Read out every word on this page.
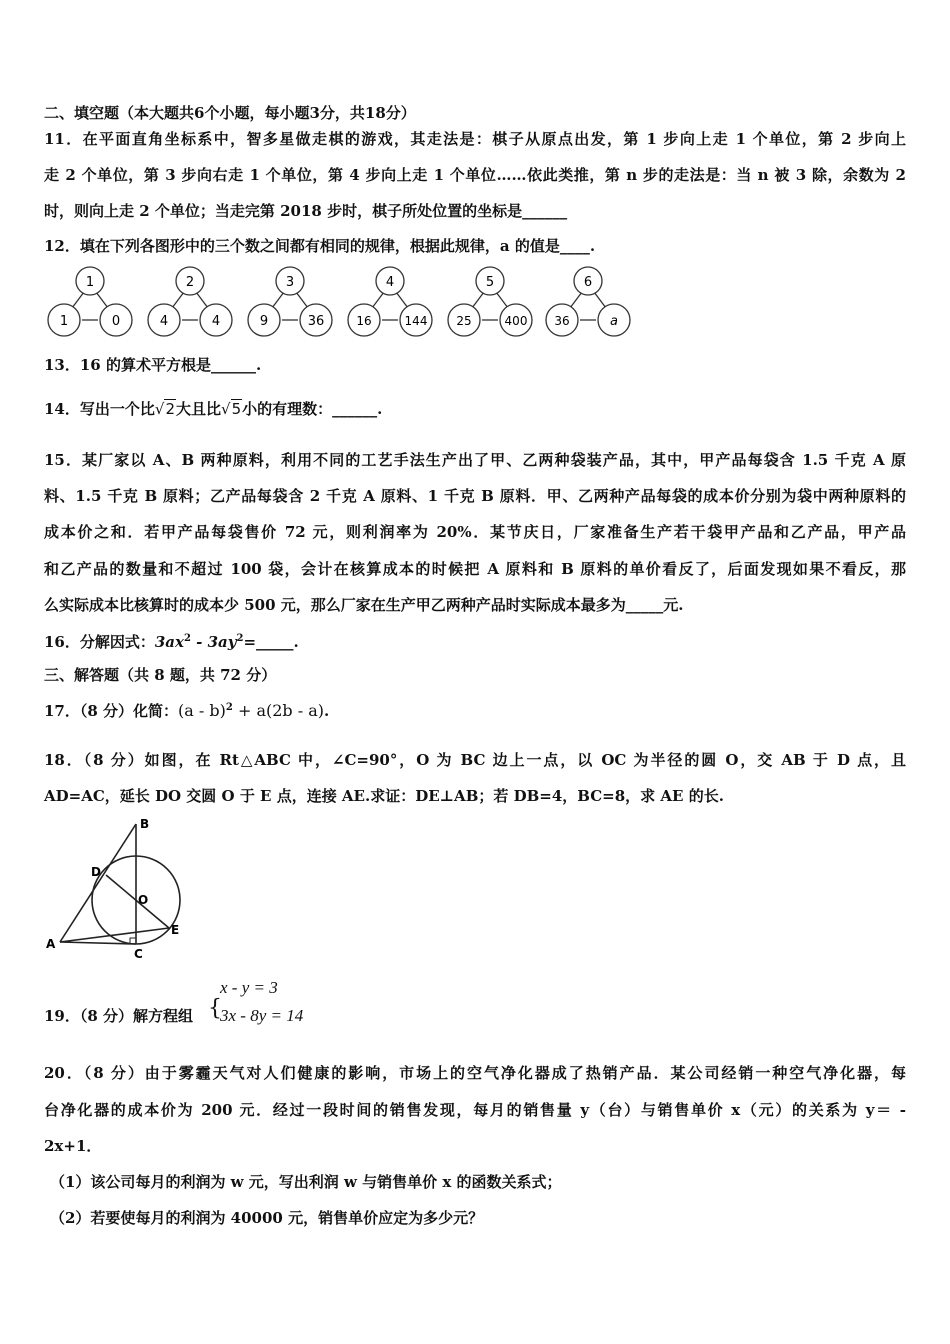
二、填空题（本大题共6个小题，每小题3分，共18分）
11．在平面直角坐标系中，智多星做走棋的游戏，其走法是：棋子从原点出发，第 1 步向上走 1 个单位，第 2 步向上
走 2 个单位，第 3 步向右走 1 个单位，第 4 步向上走 1 个单位……依此类推，第 n 步的走法是：当 n 被 3 除，余数为 2
时，则向上走 2 个单位；当走完第 2018 步时，棋子所处位置的坐标是______
12．填在下列各图形中的三个数之间都有相同的规律，根据此规律，a 的值是____.
1
1	0
2
4	4
3
9	36
4
16	144
5
25	400
6
36	a
13．16 的算术平方根是______.
14．写出一个比√2大且比√5小的有理数：______.
15．某厂家以 A、B 两种原料，利用不同的工艺手法生产出了甲、乙两种袋装产品，其中，甲产品每袋含 1.5 千克 A 原
料、1.5 千克 B 原料；乙产品每袋含 2 千克 A 原料、1 千克 B 原料．甲、乙两种产品每袋的成本价分别为袋中两种原料的
成本价之和．若甲产品每袋售价 72 元，则利润率为 20%．某节庆日，厂家准备生产若干袋甲产品和乙产品，甲产品
和乙产品的数量和不超过 100 袋，会计在核算成本的时候把 A 原料和 B 原料的单价看反了，后面发现如果不看反，那
么实际成本比核算时的成本少 500 元，那么厂家在生产甲乙两种产品时实际成本最多为_____元.
16．分解因式：$3ax^2$ - $3ay^2=\_\_\_\_\_$.
三、解答题（共 8 题，共 72 分）
17．（8 分）化简：(a - b)$^2$ + a(2b - a).
18．（8 分）如图，在 Rt△ABC 中，∠C=90°，O 为 BC 边上一点，以 OC 为半径的圆 O，交 AB 于 D 点，且
AD=AC，延长 DO 交圆 O 于 E 点，连接 AE.求证：DE⊥AB；若 DB=4，BC=8，求 AE 的长.
B
D
O
E
A
C
19．（8 分）解方程组 {
x - y = 3
3x - 8y = 14
20．（8 分）由于雾霾天气对人们健康的影响，市场上的空气净化器成了热销产品．某公司经销一种空气净化器，每
台净化器的成本价为 200 元．经过一段时间的销售发现，每月的销售量 y（台）与销售单价 x（元）的关系为 y＝ -
2x+1．
（1）该公司每月的利润为 w 元，写出利润 w 与销售单价 x 的函数关系式；
（2）若要使每月的利润为 40000 元，销售单价应定为多少元？
